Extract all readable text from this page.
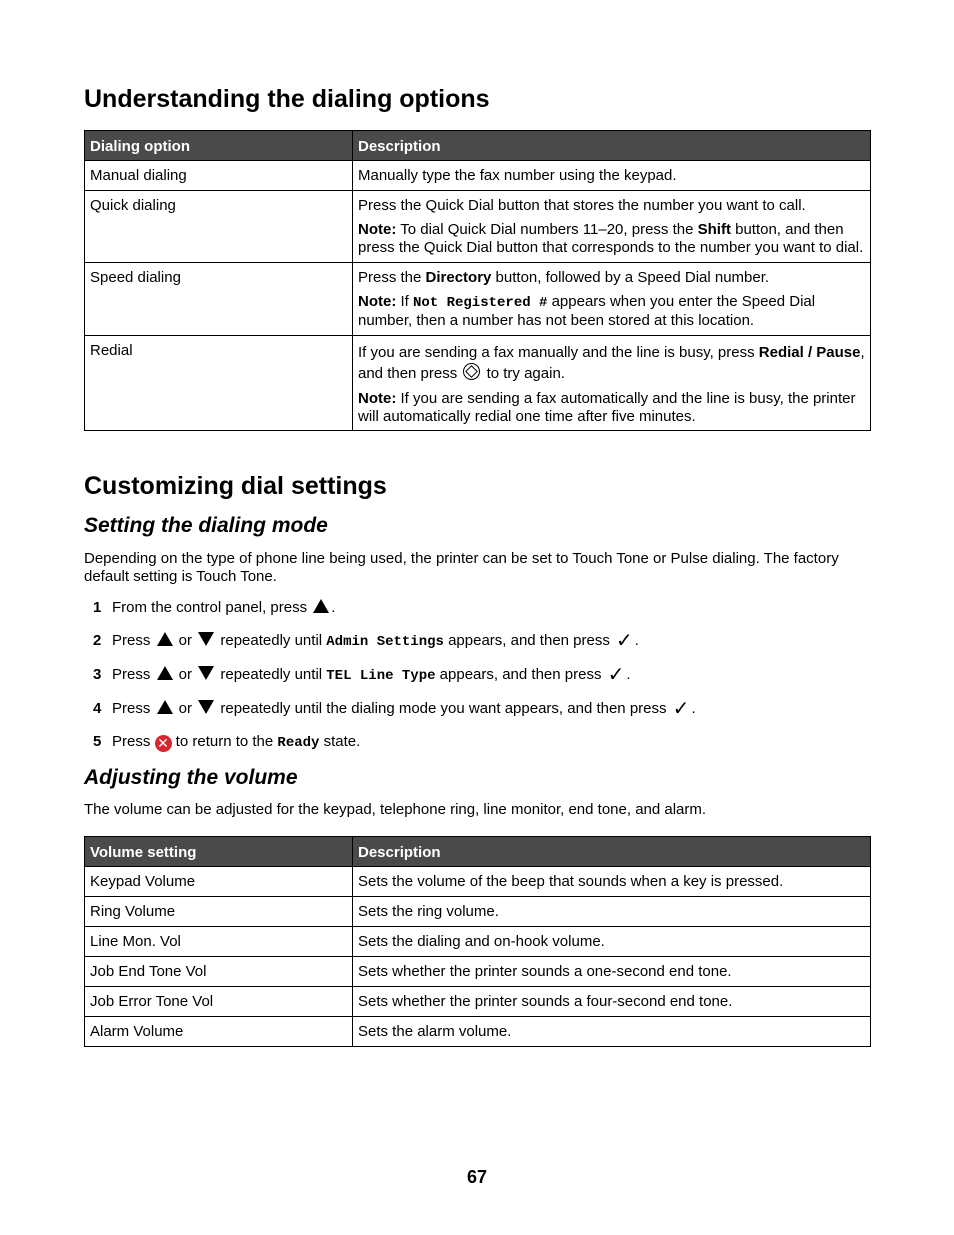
Understanding the dialing options
Dialing option	Description
Manual dialing	Manually type the fax number using the keypad.
Quick dialing	Press the Quick Dial button that stores the number you want to call.

Note: To dial Quick Dial numbers 11–20, press the Shift button, and then press the Quick Dial button that corresponds to the number you want to dial.

Speed dialing	Press the Directory button, followed by a Speed Dial number.

Note: If Not Registered # appears when you enter the Speed Dial number, then a number has not been stored at this location.

Redial	If you are sending a fax manually and the line is busy, press Redial / Pause, and then press  to try again.

Note: If you are sending a fax automatically and the line is busy, the printer will automatically redial one time after five minutes.

Customizing dial settings
Setting the dialing mode

Depending on the type of phone line being used, the printer can be set to Touch Tone or Pulse dialing. The factory default setting is Touch Tone.

1 From the control panel, press .
2 Press  or  repeatedly until Admin Settings appears, and then press ✓ .
3 Press  or  repeatedly until TEL Line Type appears, and then press ✓ .
4 Press  or  repeatedly until the dialing mode you want appears, and then press ✓ .
5 Press ✕ to return to the Ready state.
Adjusting the volume

The volume can be adjusted for the keypad, telephone ring, line monitor, end tone, and alarm.

Volume setting	Description
Keypad Volume	Sets the volume of the beep that sounds when a key is pressed.
Ring Volume	Sets the ring volume.
Line Mon. Vol	Sets the dialing and on-hook volume.
Job End Tone Vol	Sets whether the printer sounds a one-second end tone.
Job Error Tone Vol	Sets whether the printer sounds a four-second end tone.
Alarm Volume	Sets the alarm volume.
67
